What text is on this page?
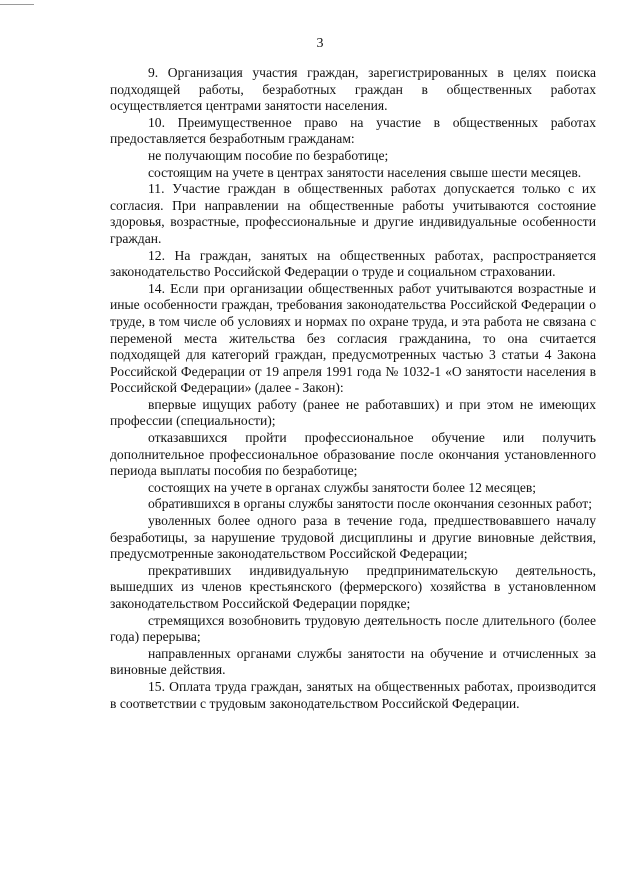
3

9. Организация участия граждан, зарегистрированных в целях поиска подходящей работы, безработных граждан в общественных работах осуществляется центрами занятости населения.

10. Преимущественное право на участие в общественных работах предоставляется безработным гражданам:

не получающим пособие по безработице;

состоящим на учете в центрах занятости населения свыше шести месяцев.

11. Участие граждан в общественных работах допускается только с их согласия. При направлении на общественные работы учитываются состояние здоровья, возрастные, профессиональные и другие индивидуальные особенности граждан.

12. На граждан, занятых на общественных работах, распространяется законодательство Российской Федерации о труде и социальном страховании.

14. Если при организации общественных работ учитываются возрастные и иные особенности граждан, требования законодательства Российской Федерации о труде, в том числе об условиях и нормах по охране труда, и эта работа не связана с переменой места жительства без согласия гражданина, то она считается подходящей для категорий граждан, предусмотренных частью 3 статьи 4 Закона Российской Федерации от 19 апреля 1991 года № 1032-1 «О занятости населения в Российской Федерации» (далее - Закон):

впервые ищущих работу (ранее не работавших) и при этом не имеющих профессии (специальности);

отказавшихся пройти профессиональное обучение или получить дополнительное профессиональное образование после окончания установленного периода выплаты пособия по безработице;

состоящих на учете в органах службы занятости более 12 месяцев;

обратившихся в органы службы занятости после окончания сезонных работ;

уволенных более одного раза в течение года, предшествовавшего началу безработицы, за нарушение трудовой дисциплины и другие виновные действия, предусмотренные законодательством Российской Федерации;

прекративших индивидуальную предпринимательскую деятельность, вышедших из членов крестьянского (фермерского) хозяйства в установленном законодательством Российской Федерации порядке;

стремящихся возобновить трудовую деятельность после длительного (более года) перерыва;

направленных органами службы занятости на обучение и отчисленных за виновные действия.

15. Оплата труда граждан, занятых на общественных работах, производится в соответствии с трудовым законодательством Российской Федерации.
